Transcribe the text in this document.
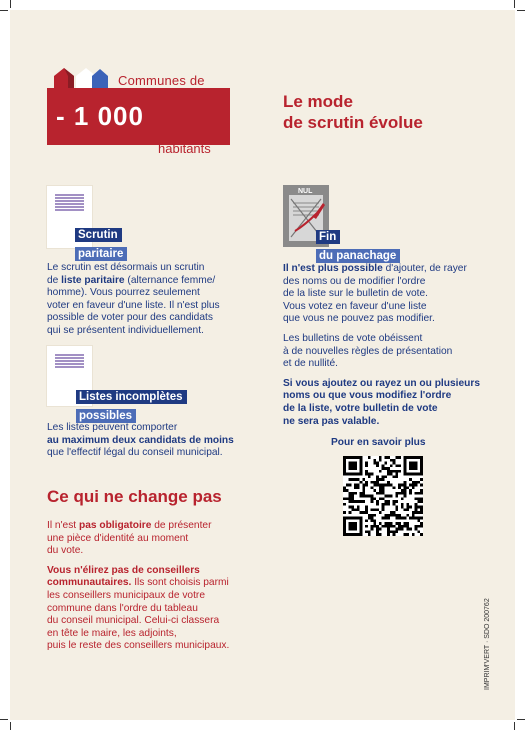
Communes de
- 1 000
habitants
Le mode
de scrutin évolue
Scrutin
paritaire
Le scrutin est désormais un scrutin
de liste paritaire (alternance femme/
homme). Vous pourrez seulement
voter en faveur d'une liste. Il n'est plus
possible de voter pour des candidats
qui se présentent individuellement.
Listes incomplètes
possibles
Les listes peuvent comporter
au maximum deux candidats de moins
que l'effectif légal du conseil municipal.
NUL
Fin
du panachage

Il n'est plus possible d'ajouter, de rayer
des noms ou de modifier l'ordre
de la liste sur le bulletin de vote.
Vous votez en faveur d'une liste
que vous ne pouvez pas modifier.

Les bulletins de vote obéissent
à de nouvelles règles de présentation
et de nullité.

Si vous ajoutez ou rayez un ou plusieurs
noms ou que vous modifiez l'ordre
de la liste, votre bulletin de vote
ne sera pas valable.

Pour en savoir plus
Ce qui ne change pas

Il n'est pas obligatoire de présenter
une pièce d'identité au moment
du vote.

Vous n'élirez pas de conseillers
communautaires. Ils sont choisis parmi
les conseillers municipaux de votre
commune dans l'ordre du tableau
du conseil municipal. Celui-ci classera
en tête le maire, les adjoints,
puis le reste des conseillers municipaux.	IMPRIM'VERT · SDO 200762
